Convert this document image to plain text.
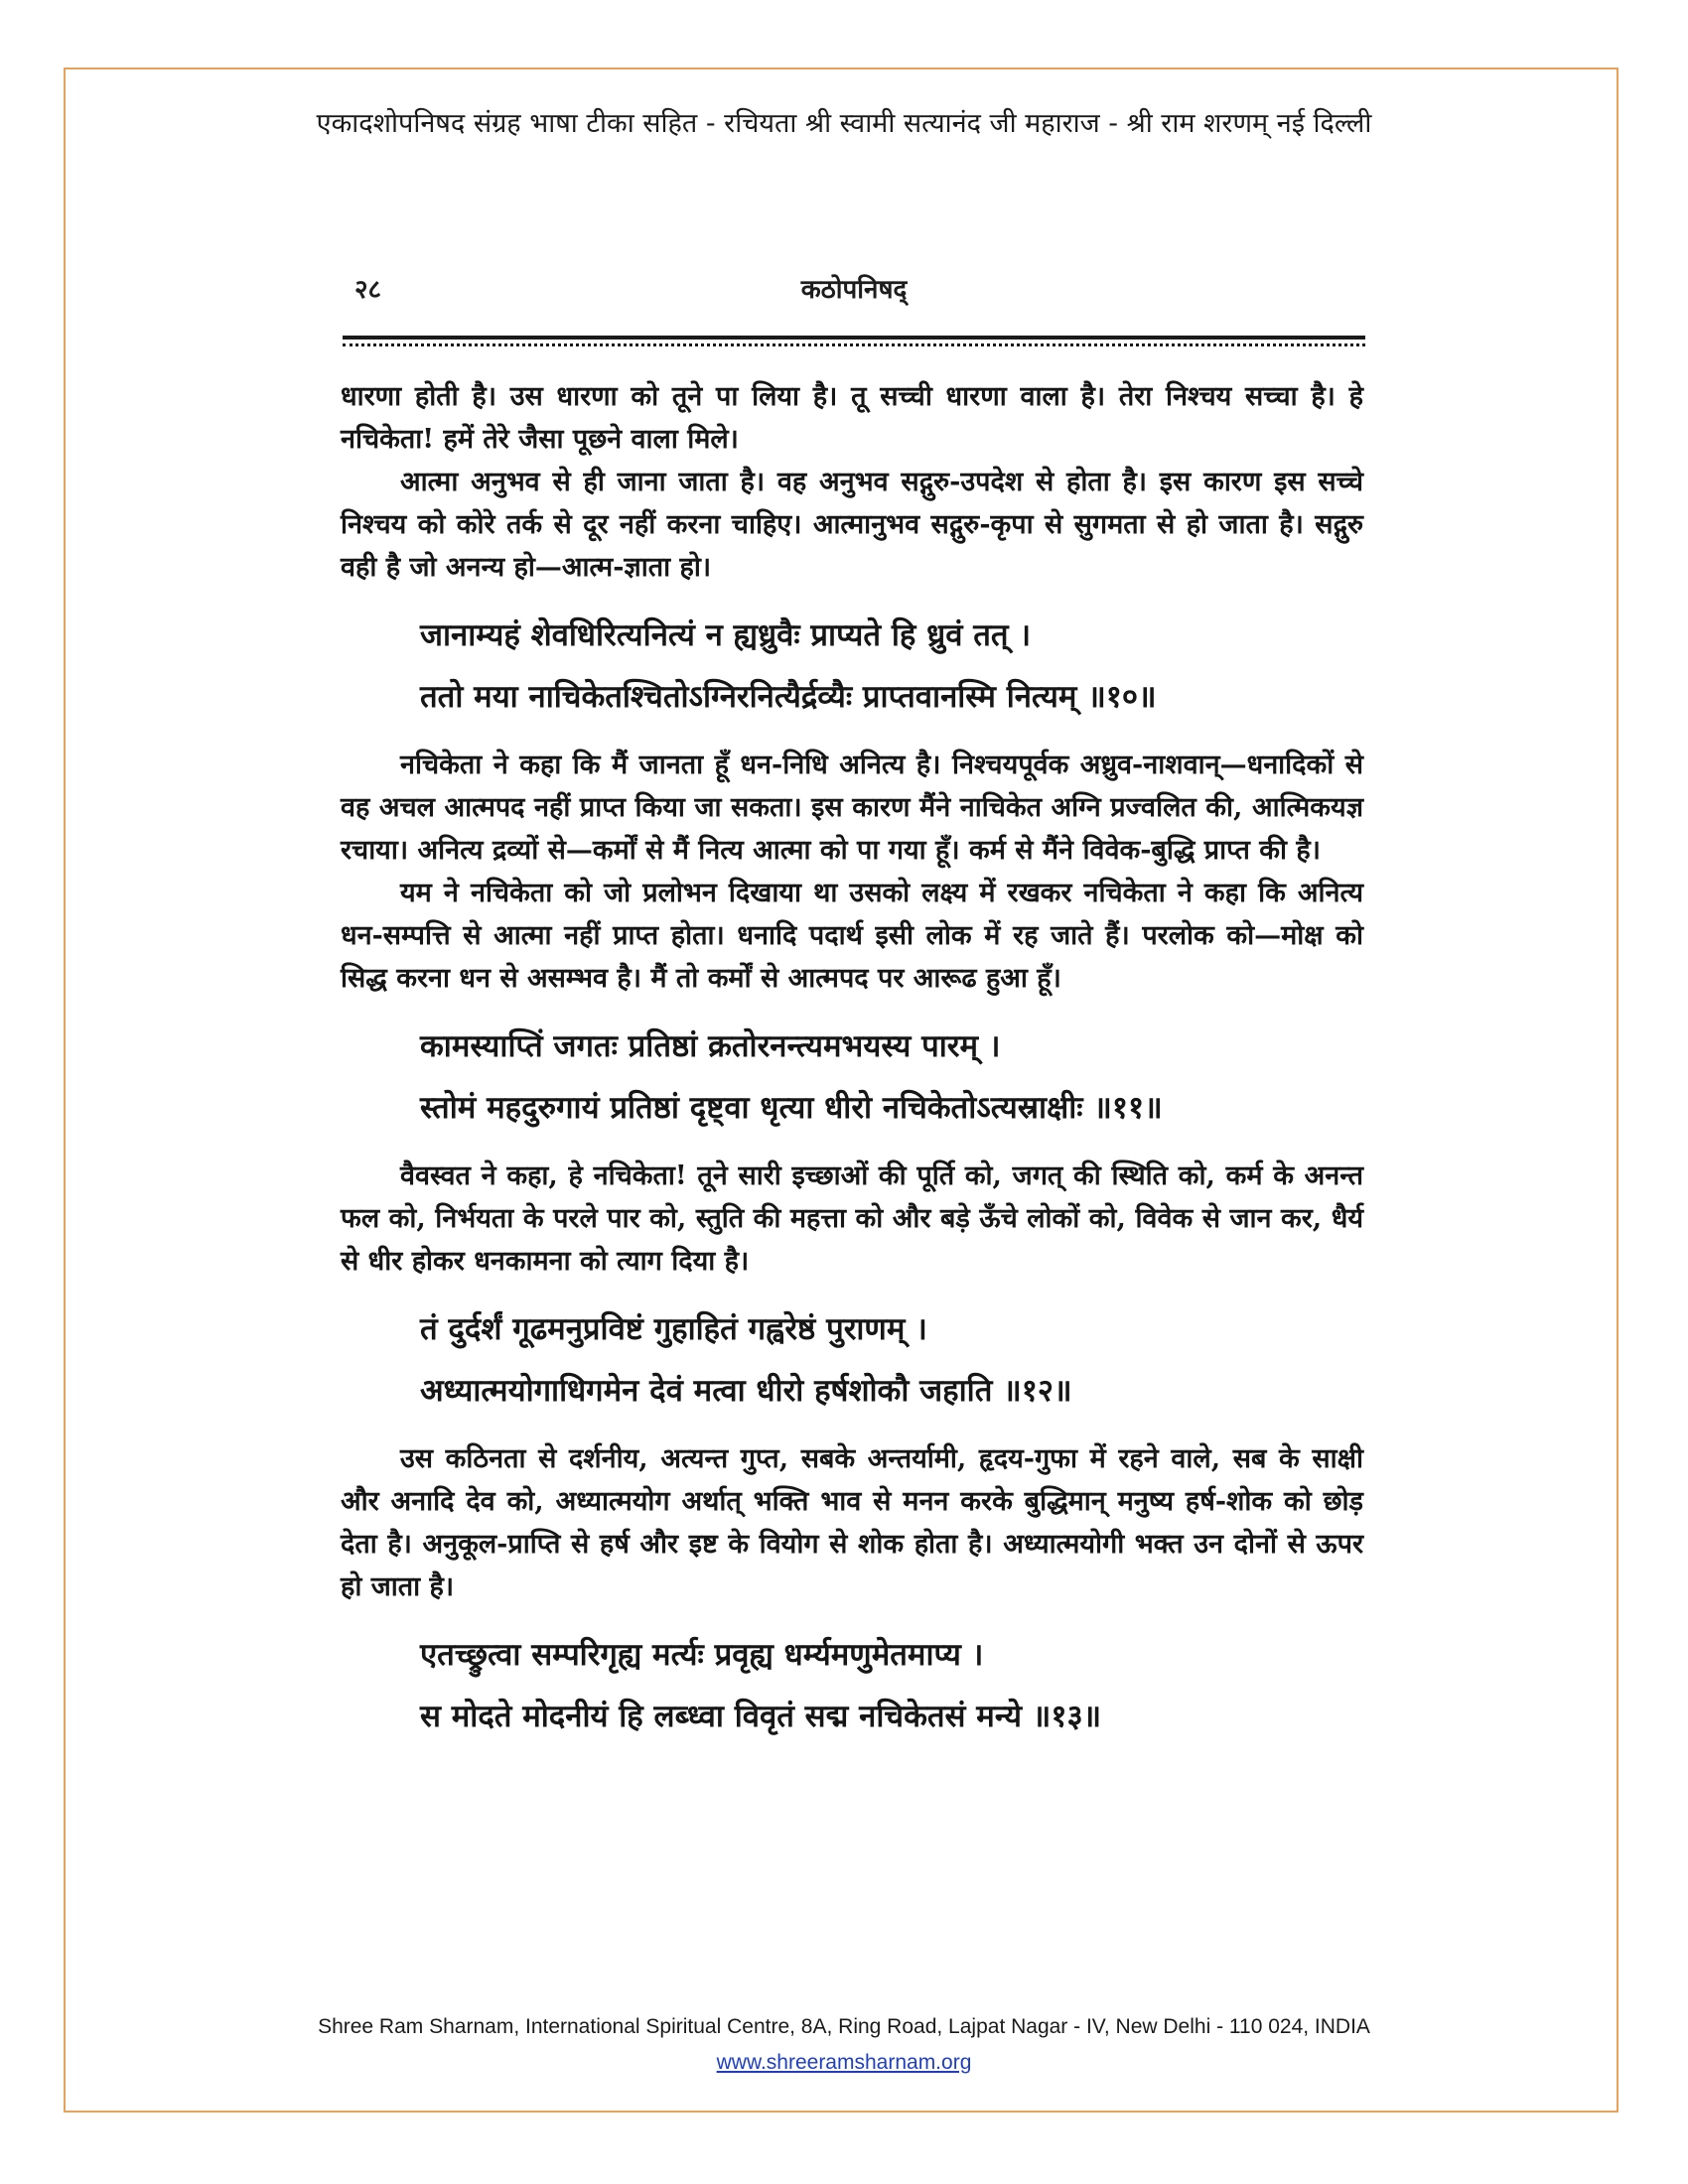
एकादशोपनिषद संग्रह भाषा टीका सहित - रचियता श्री स्वामी सत्यानंद जी महाराज - श्री राम शरणम् नई दिल्ली
२८	कठोपनिषद्

धारणा होती है। उस धारणा को तूने पा लिया है। तू सच्ची धारणा वाला है। तेरा निश्चय सच्चा है। हे नचिकेता! हमें तेरे जैसा पूछने वाला मिले।

आत्मा अनुभव से ही जाना जाता है। वह अनुभव सद्गुरु-उपदेश से होता है। इस कारण इस सच्चे निश्चय को कोरे तर्क से दूर नहीं करना चाहिए। आत्मानुभव सद्गुरु-कृपा से सुगमता से हो जाता है। सद्गुरु वही है जो अनन्य हो—आत्म-ज्ञाता हो।

जानाम्यहं शेवधिरित्यनित्यं न ह्यध्रुवैः प्राप्यते हि ध्रुवं तत् ।
ततो मया नाचिकेतश्चितोऽग्निरनित्यैर्द्रव्यैः प्राप्तवानस्मि नित्यम् ॥१०॥

नचिकेता ने कहा कि मैं जानता हूँ धन-निधि अनित्य है। निश्चयपूर्वक अध्रुव-नाशवान्—धनादिकों से वह अचल आत्मपद नहीं प्राप्त किया जा सकता। इस कारण मैंने नाचिकेत अग्नि प्रज्वलित की, आत्मिकयज्ञ रचाया। अनित्य द्रव्यों से—कर्मों से मैं नित्य आत्मा को पा गया हूँ। कर्म से मैंने विवेक-बुद्धि प्राप्त की है।

यम ने नचिकेता को जो प्रलोभन दिखाया था उसको लक्ष्य में रखकर नचिकेता ने कहा कि अनित्य धन-सम्पत्ति से आत्मा नहीं प्राप्त होता। धनादि पदार्थ इसी लोक में रह जाते हैं। परलोक को—मोक्ष को सिद्ध करना धन से असम्भव है। मैं तो कर्मों से आत्मपद पर आरूढ हुआ हूँ।

कामस्याप्तिं जगतः प्रतिष्ठां क्रतोरनन्त्यमभयस्य पारम् ।
स्तोमं महदुरुगायं प्रतिष्ठां दृष्ट्वा धृत्या धीरो नचिकेतोऽत्यस्राक्षीः ॥११॥

वैवस्वत ने कहा, हे नचिकेता! तूने सारी इच्छाओं की पूर्ति को, जगत् की स्थिति को, कर्म के अनन्त फल को, निर्भयता के परले पार को, स्तुति की महत्ता को और बड़े ऊँचे लोकों को, विवेक से जान कर, धैर्य से धीर होकर धनकामना को त्याग दिया है।

तं दुर्दर्शं गूढमनुप्रविष्टं गुहाहितं गह्वरेष्ठं पुराणम् ।
अध्यात्मयोगाधिगमेन देवं मत्वा धीरो हर्षशोकौ जहाति ॥१२॥

उस कठिनता से दर्शनीय, अत्यन्त गुप्त, सबके अन्तर्यामी, हृदय-गुफा में रहने वाले, सब के साक्षी और अनादि देव को, अध्यात्मयोग अर्थात् भक्ति भाव से मनन करके बुद्धिमान् मनुष्य हर्ष-शोक को छोड़ देता है। अनुकूल-प्राप्ति से हर्ष और इष्ट के वियोग से शोक होता है। अध्यात्मयोगी भक्त उन दोनों से ऊपर हो जाता है।

एतच्छ्रुत्वा सम्परिगृह्य मर्त्यः प्रवृह्य धर्म्यमणुमेतमाप्य ।
स मोदते मोदनीयं हि लब्ध्वा विवृतं सद्म नचिकेतसं मन्ये ॥१३॥
Shree Ram Sharnam, International Spiritual Centre, 8A, Ring Road, Lajpat Nagar - IV, New Delhi - 110 024, INDIA
www.shreeramsharnam.org
